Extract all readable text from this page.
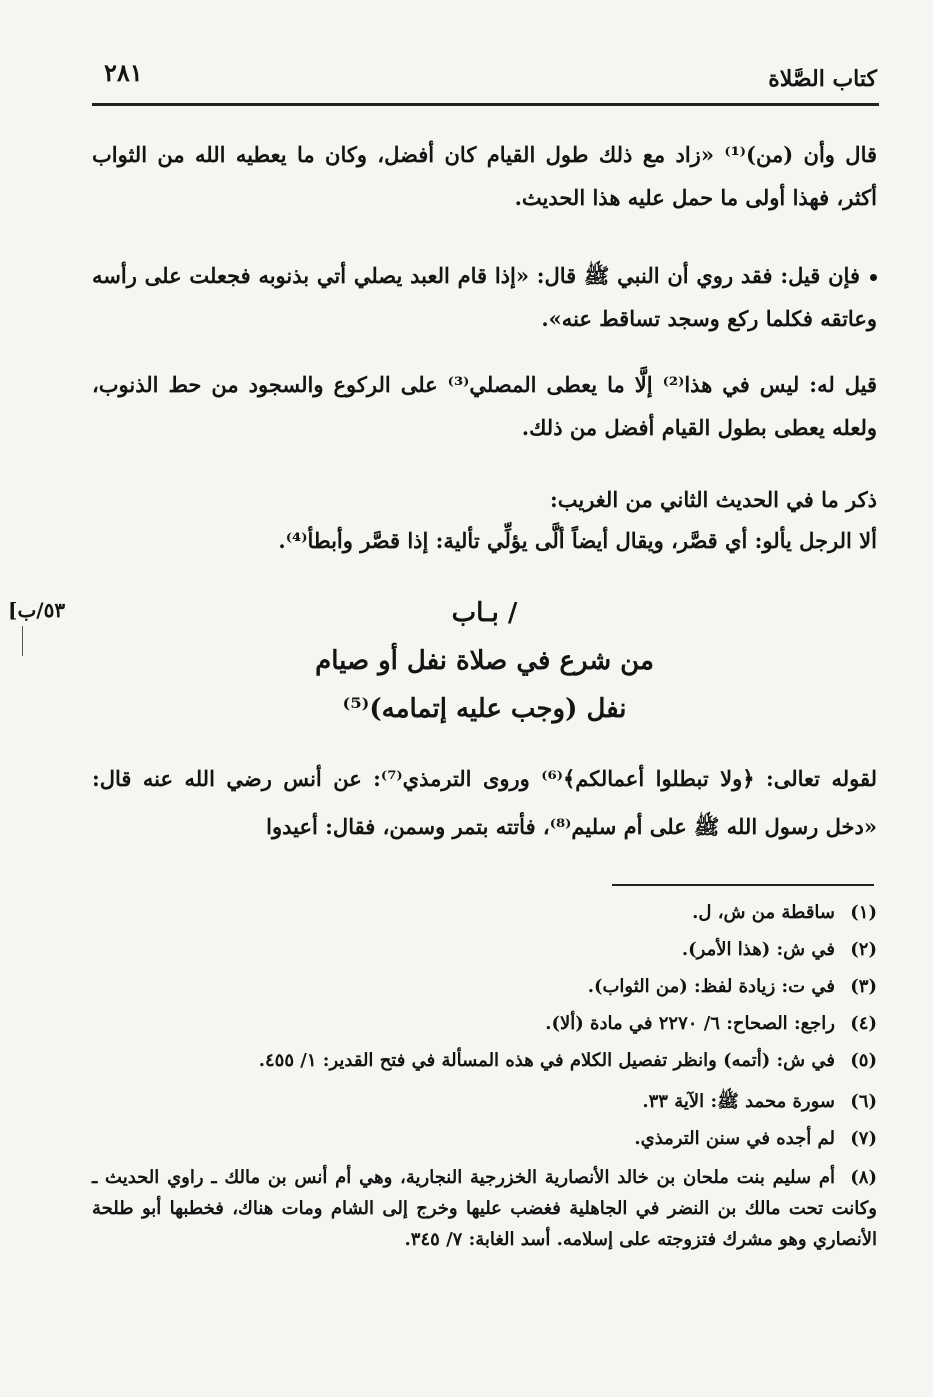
٢٨١	كتاب الصَّلاة
قال وأن (من)⁽¹⁾ «زاد مع ذلك طول القيام كان أفضل، وكان ما يعطيه الله من الثواب أكثر، فهذا أولى ما حمل عليه هذا الحديث.
فإن قيل: فقد روي أن النبي ﷺ قال: «إذا قام العبد يصلي أتي بذنوبه فجعلت على رأسه وعاتقه فكلما ركع وسجد تساقط عنه».
قيل له: ليس في هذا⁽²⁾ إلَّا ما يعطى المصلي⁽³⁾ على الركوع والسجود من حط الذنوب، ولعله يعطى بطول القيام أفضل من ذلك.
ذكر ما في الحديث الثاني من الغريب:
ألا الرجل يألو: أي قصَّر، ويقال أيضاً ألَّى يؤلِّي تألية: إذا قصَّر وأبطأ⁽⁴⁾.
[٥٣/ب	/ بـاب
من شرع في صلاة نفل أو صيام
نفل (وجب عليه إتمامه)⁽⁵⁾
لقوله تعالى: ﴿ولا تبطلوا أعمالكم﴾⁽⁶⁾ وروى الترمذي⁽⁷⁾: عن أنس رضي الله عنه قال: «دخل رسول الله ﷺ على أم سليم⁽⁸⁾، فأتته بتمر وسمن، فقال: أعيدوا
(١)ساقطة من ش، ل.
(٢)في ش: (هذا الأمر).
(٣)في ت: زيادة لفظ: (من الثواب).
(٤)راجع: الصحاح: ٦/ ٢٢٧٠ في مادة (ألا).
(٥)في ش: (أتمه) وانظر تفصيل الكلام في هذه المسألة في فتح القدير: ١/ ٤٥٥.
(٦)سورة محمد ﷺ: الآية ٣٣.
(٧)لم أجده في سنن الترمذي.
(٨)أم سليم بنت ملحان بن خالد الأنصارية الخزرجية النجارية، وهي أم أنس بن مالك ـ راوي الحديث ـ وكانت تحت مالك بن النضر في الجاهلية فغضب عليها وخرج إلى الشام ومات هناك، فخطبها أبو طلحة الأنصاري وهو مشرك فتزوجته على إسلامه. أسد الغابة: ٧/ ٣٤٥.
